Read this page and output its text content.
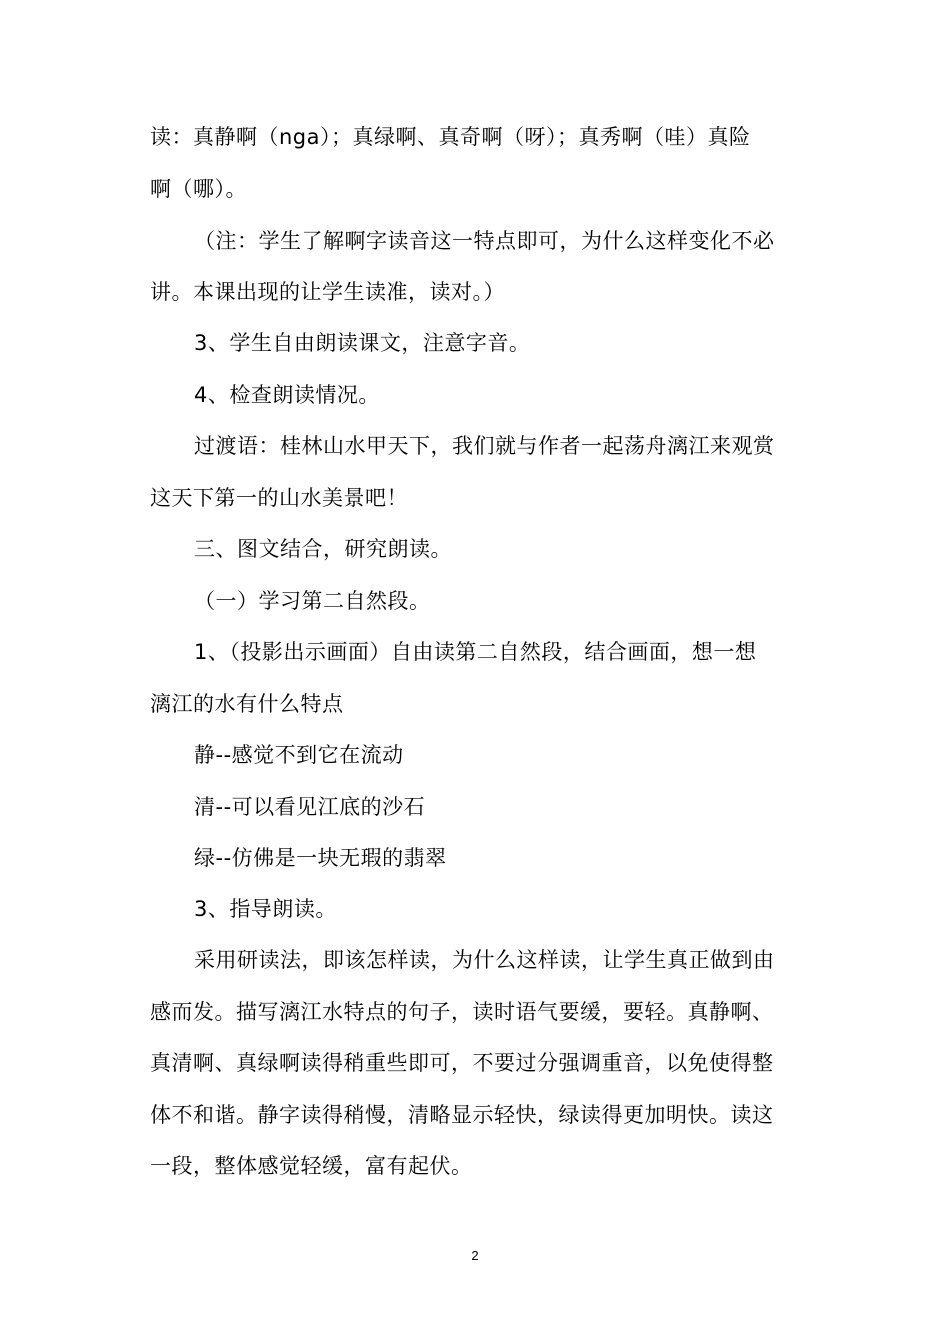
读：真静啊（nga）；真绿啊、真奇啊（呀）；真秀啊（哇）真险
啊（哪）。
（注：学生了解啊字读音这一特点即可，为什么这样变化不必
讲。本课出现的让学生读准，读对。）
3、学生自由朗读课文，注意字音。
4、检查朗读情况。
过渡语：桂林山水甲天下，我们就与作者一起荡舟漓江来观赏
这天下第一的山水美景吧！
三、图文结合，研究朗读。
（一）学习第二自然段。
1、（投影出示画面）自由读第二自然段，结合画面，想一想
漓江的水有什么特点
静--感觉不到它在流动
清--可以看见江底的沙石
绿--仿佛是一块无瑕的翡翠
3、指导朗读。
采用研读法，即该怎样读，为什么这样读，让学生真正做到由
感而发。描写漓江水特点的句子，读时语气要缓，要轻。真静啊、
真清啊、真绿啊读得稍重些即可，不要过分强调重音，以免使得整
体不和谐。静字读得稍慢，清略显示轻快，绿读得更加明快。读这
一段，整体感觉轻缓，富有起伏。
2
